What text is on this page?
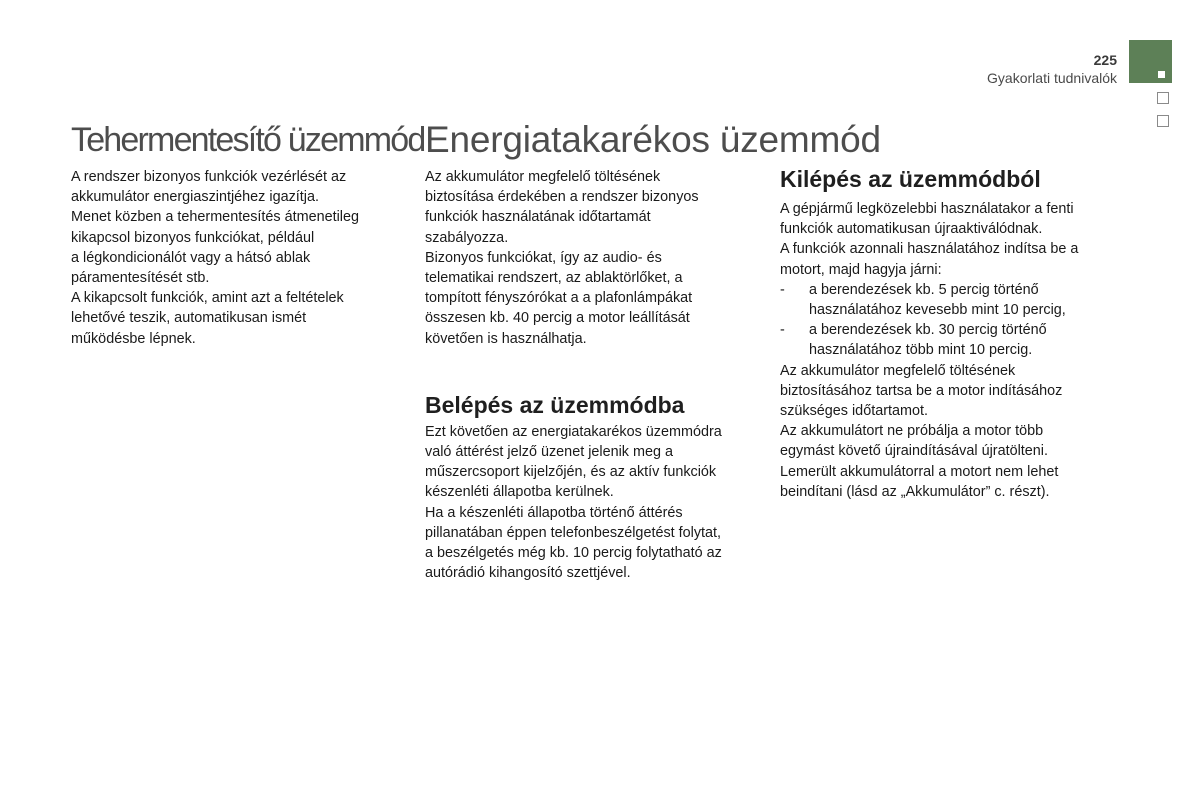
225
Gyakorlati tudnivalók
Tehermentesítő üzemmód

A rendszer bizonyos funkciók vezérlését az

akkumulátor energiaszintjéhez igazítja.

Menet közben a tehermentesítés átmenetileg

kikapcsol bizonyos funkciókat, például

a légkondicionálót vagy a hátsó ablak

páramentesítését stb.

A kikapcsolt funkciók, amint azt a feltételek

lehetővé teszik, automatikusan ismét

működésbe lépnek.

Energiatakarékos üzemmód

Az akkumulátor megfelelő töltésének

biztosítása érdekében a rendszer bizonyos

funkciók használatának időtartamát

szabályozza.

Bizonyos funkciókat, így az audio- és

telematikai rendszert, az ablaktörlőket, a

tompított fényszórókat a a plafonlámpákat

összesen kb. 40 percig a motor leállítását

követően is használhatja.

Belépés az üzemmódba

Ezt követően az energiatakarékos üzemmódra

való áttérést jelző üzenet jelenik meg a

műszercsoport kijelzőjén, és az aktív funkciók

készenléti állapotba kerülnek.

Ha a készenléti állapotba történő áttérés

pillanatában éppen telefonbeszélgetést folytat,

a beszélgetés még kb. 10 percig folytatható az

autórádió kihangosító szettjével.

Kilépés az üzemmódból

A gépjármű legközelebbi használatakor a fenti

funkciók automatikusan újraaktiválódnak.

A funkciók azonnali használatához indítsa be a

motort, majd hagyja járni:

- a berendezések kb. 5 percig történő

használatához kevesebb mint 10 percig,

- a berendezések kb. 30 percig történő

használatához több mint 10 percig.

Az akkumulátor megfelelő töltésének

biztosításához tartsa be a motor indításához

szükséges időtartamot.

Az akkumulátort ne próbálja a motor több

egymást követő újraindításával újratölteni.

Lemerült akkumulátorral a motort nem lehet

beindítani (lásd az „Akkumulátor” c. részt).
